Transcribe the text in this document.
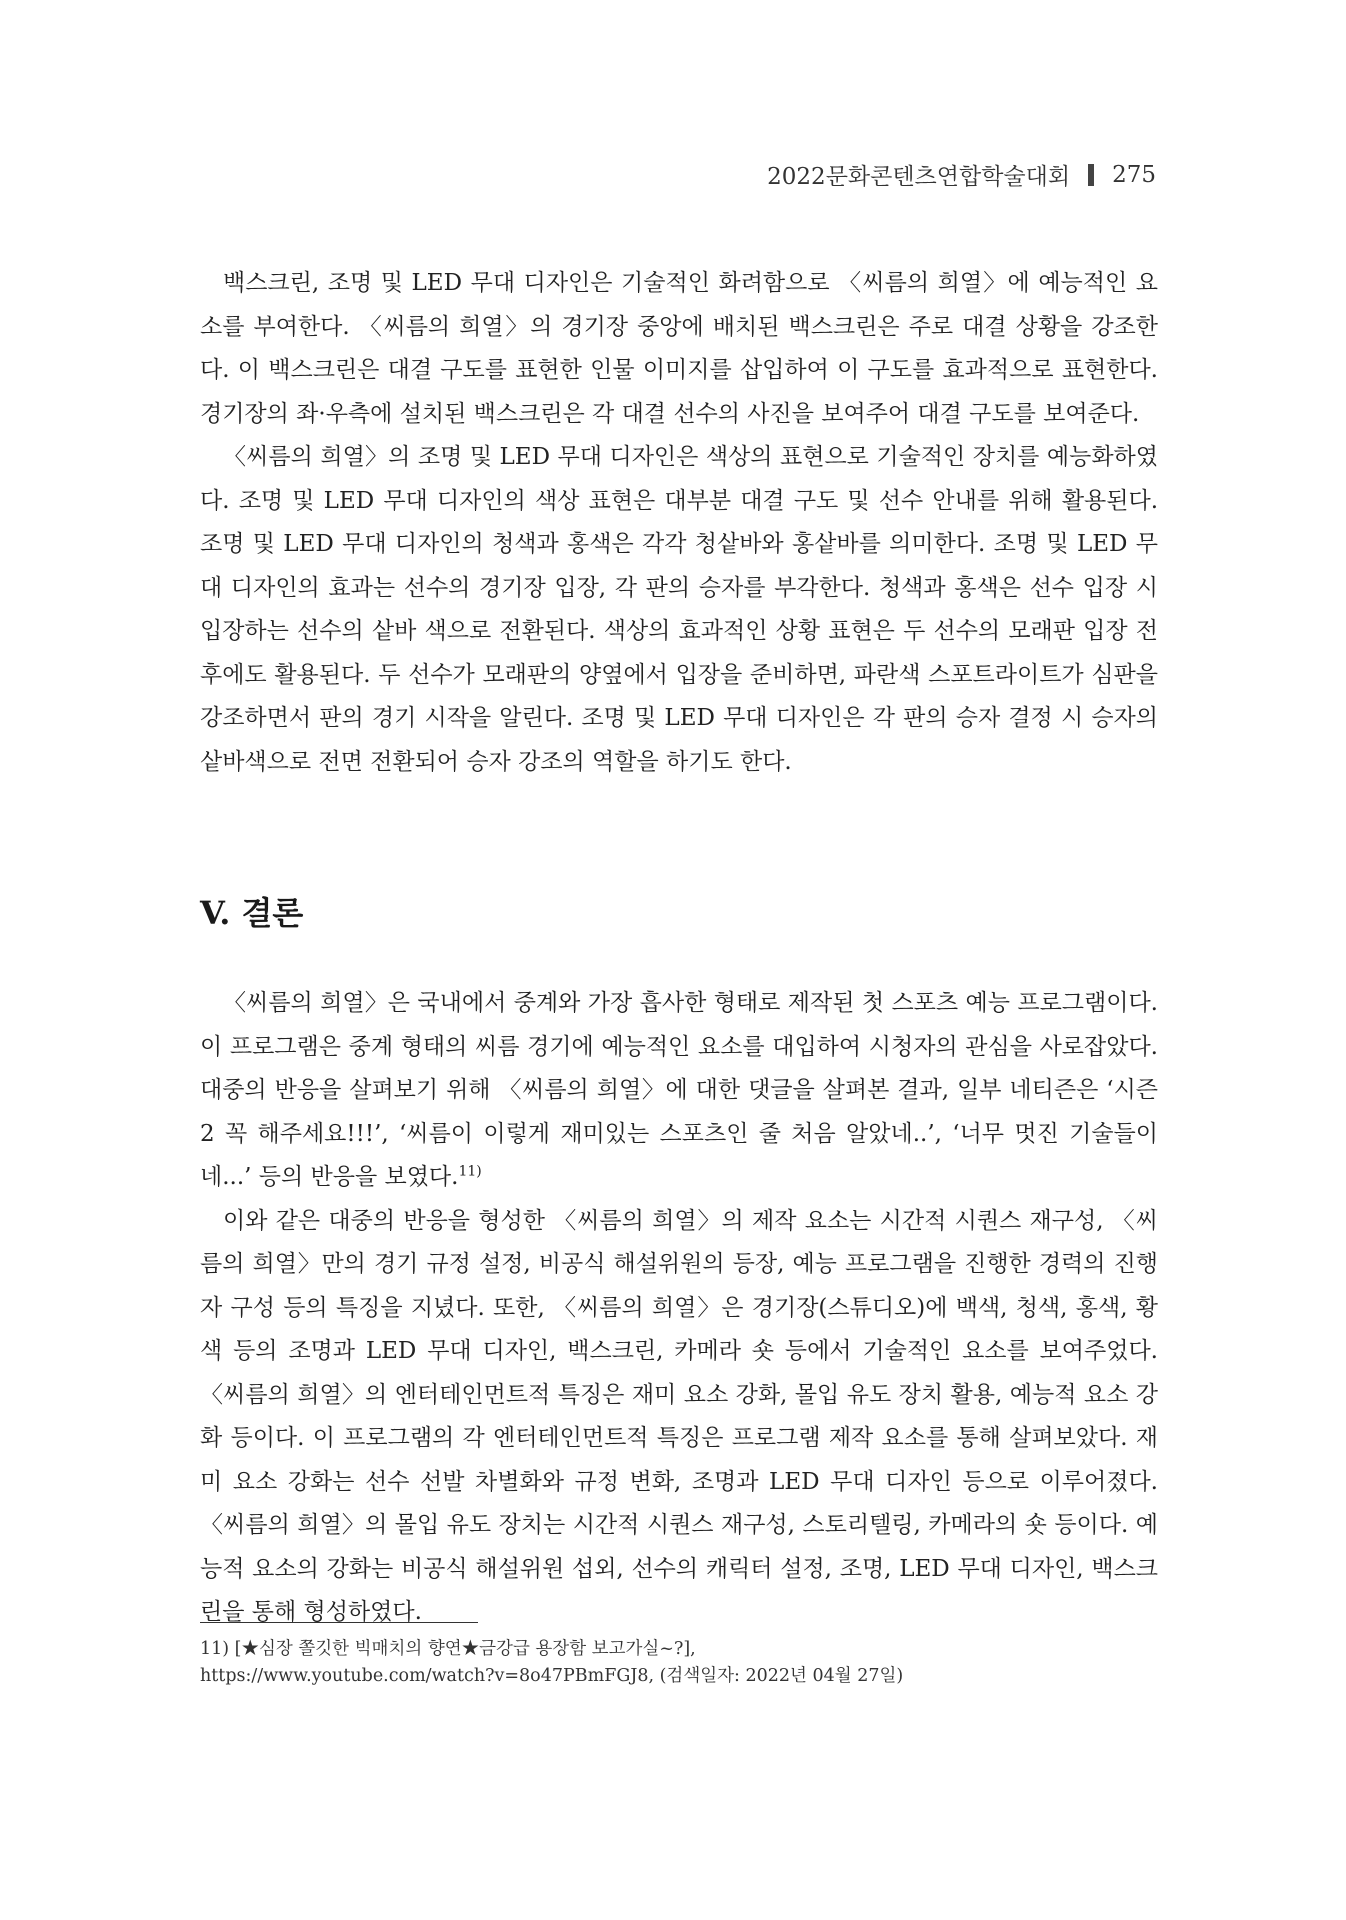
2022문화콘텐츠연합학술대회 275

백스크린, 조명 및 LED 무대 디자인은 기술적인 화려함으로 〈씨름의 희열〉에 예능적인 요소를 부여한다. 〈씨름의 희열〉의 경기장 중앙에 배치된 백스크린은 주로 대결 상황을 강조한다. 이 백스크린은 대결 구도를 표현한 인물 이미지를 삽입하여 이 구도를 효과적으로 표현한다. 경기장의 좌·우측에 설치된 백스크린은 각 대결 선수의 사진을 보여주어 대결 구도를 보여준다.

〈씨름의 희열〉의 조명 및 LED 무대 디자인은 색상의 표현으로 기술적인 장치를 예능화하였다. 조명 및 LED 무대 디자인의 색상 표현은 대부분 대결 구도 및 선수 안내를 위해 활용된다. 조명 및 LED 무대 디자인의 청색과 홍색은 각각 청샅바와 홍샅바를 의미한다. 조명 및 LED 무대 디자인의 효과는 선수의 경기장 입장, 각 판의 승자를 부각한다. 청색과 홍색은 선수 입장 시 입장하는 선수의 샅바 색으로 전환된다. 색상의 효과적인 상황 표현은 두 선수의 모래판 입장 전후에도 활용된다. 두 선수가 모래판의 양옆에서 입장을 준비하면, 파란색 스포트라이트가 심판을 강조하면서 판의 경기 시작을 알린다. 조명 및 LED 무대 디자인은 각 판의 승자 결정 시 승자의 샅바색으로 전면 전환되어 승자 강조의 역할을 하기도 한다.

V. 결론

〈씨름의 희열〉은 국내에서 중계와 가장 흡사한 형태로 제작된 첫 스포츠 예능 프로그램이다. 이 프로그램은 중계 형태의 씨름 경기에 예능적인 요소를 대입하여 시청자의 관심을 사로잡았다. 대중의 반응을 살펴보기 위해 〈씨름의 희열〉에 대한 댓글을 살펴본 결과, 일부 네티즌은 ‘시즌2 꼭 해주세요!!!’, ‘씨름이 이렇게 재미있는 스포츠인 줄 처음 알았네..’, ‘너무 멋진 기술들이네...’ 등의 반응을 보였다.$^{11)}$

이와 같은 대중의 반응을 형성한 〈씨름의 희열〉의 제작 요소는 시간적 시퀀스 재구성, 〈씨름의 희열〉만의 경기 규정 설정, 비공식 해설위원의 등장, 예능 프로그램을 진행한 경력의 진행자 구성 등의 특징을 지녔다. 또한, 〈씨름의 희열〉은 경기장(스튜디오)에 백색, 청색, 홍색, 황색 등의 조명과 LED 무대 디자인, 백스크린, 카메라 숏 등에서 기술적인 요소를 보여주었다. 〈씨름의 희열〉의 엔터테인먼트적 특징은 재미 요소 강화, 몰입 유도 장치 활용, 예능적 요소 강화 등이다. 이 프로그램의 각 엔터테인먼트적 특징은 프로그램 제작 요소를 통해 살펴보았다. 재미 요소 강화는 선수 선발 차별화와 규정 변화, 조명과 LED 무대 디자인 등으로 이루어졌다. 〈씨름의 희열〉의 몰입 유도 장치는 시간적 시퀀스 재구성, 스토리텔링, 카메라의 숏 등이다. 예능적 요소의 강화는 비공식 해설위원 섭외, 선수의 캐릭터 설정, 조명, LED 무대 디자인, 백스크린을 통해 형성하였다.

11) [★심장 쫄깃한 빅매치의 향연★금강급 용장함 보고가실~?],
https://www.youtube.com/watch?v=8o47PBmFGJ8, (검색일자: 2022년 04월 27일)
